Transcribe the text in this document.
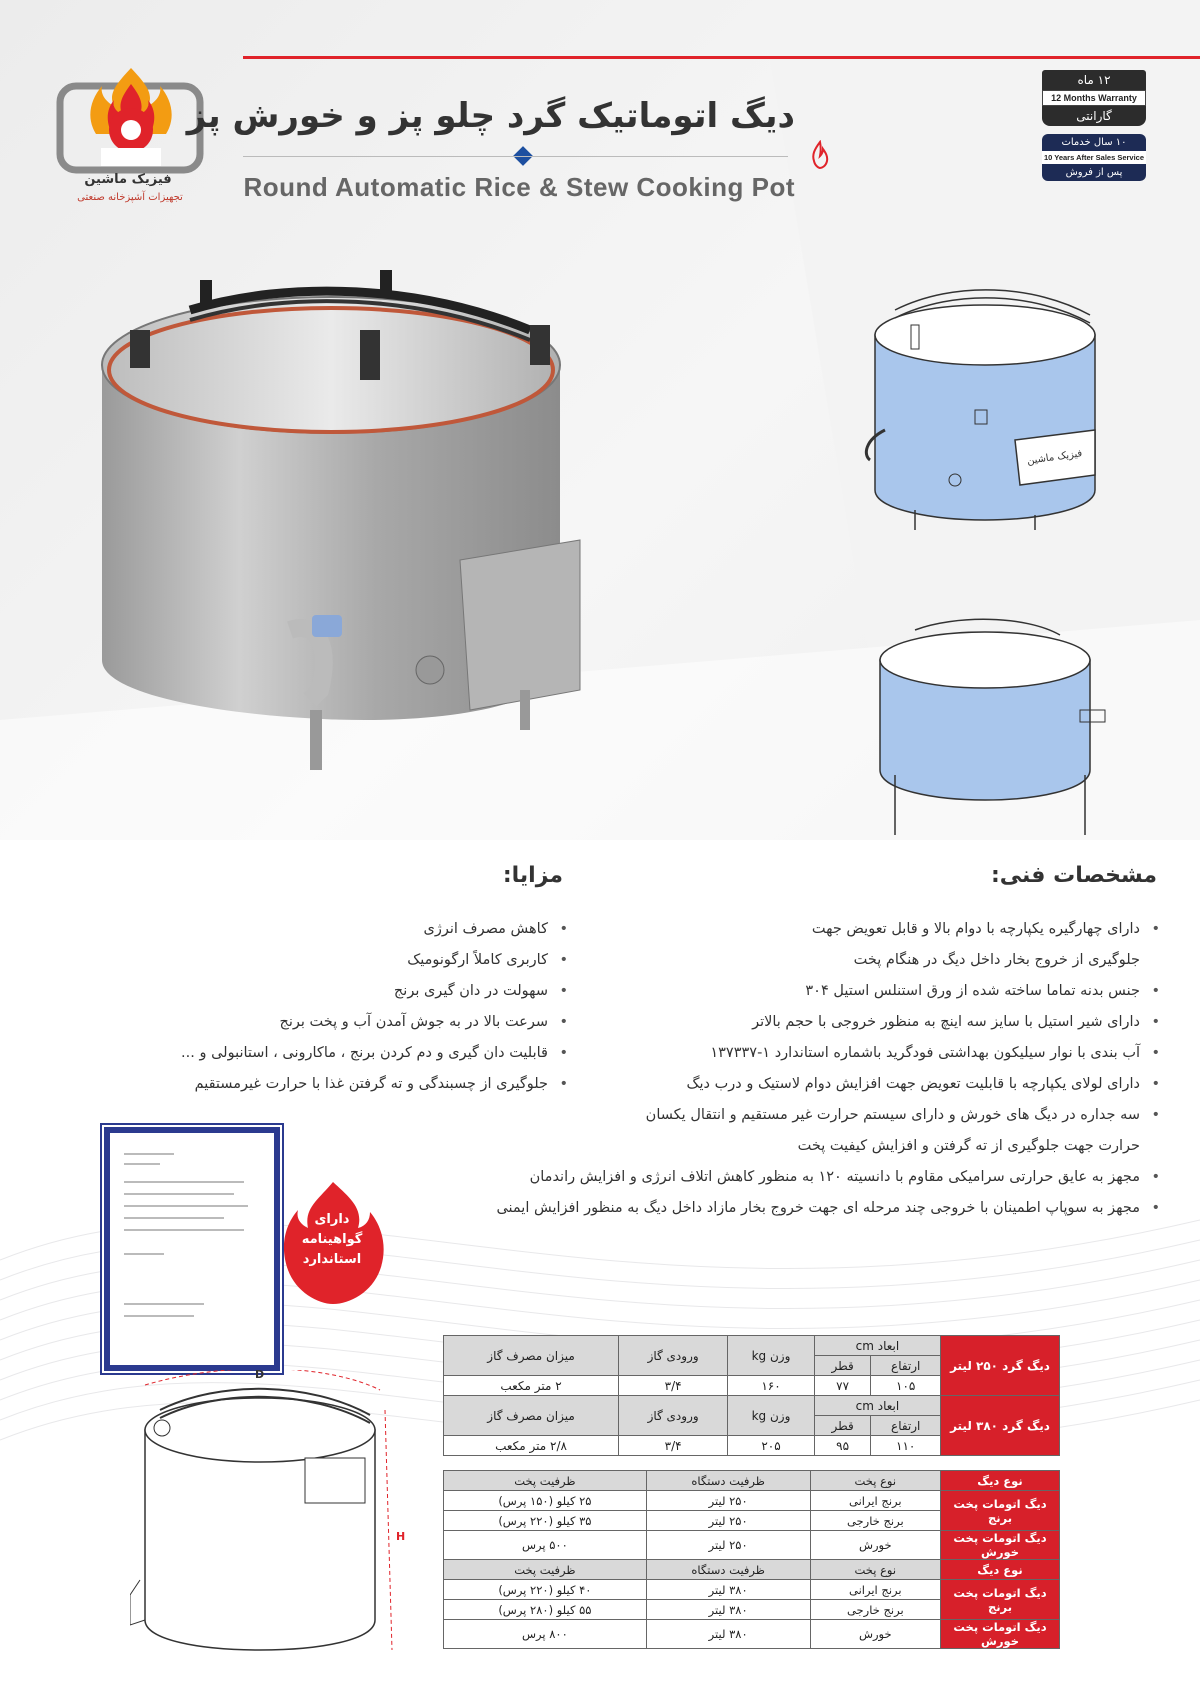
فیزیک ماشین
تجهیزات آشپزخانه صنعتی
دیگ اتوماتیک گرد چلو پز و خورش پز
Round Automatic Rice & Stew Cooking Pot
۱۲ ماه
12 Months Warranty
گارانتی
۱۰ سال خدمات
10 Years After Sales Service
پس از فروش
فیزیک ماشین
مشخصات فنی:
• دارای چهارگیره یکپارچه با دوام بالا و قابل تعویض جهت
جلوگیری از خروج بخار داخل دیگ در هنگام پخت
• جنس بدنه تماما ساخته شده از ورق استنلس استیل ۳۰۴
• دارای شیر استیل با سایز سه اینچ به منظور خروجی با حجم بالاتر
• آب بندی با نوار سیلیکون بهداشتی فودگرید باشماره استاندارد ۱-۱۳۷۳۳۷
• دارای لولای یکپارچه با قابلیت تعویض جهت افزایش دوام لاستیک و درب دیگ
• سه جداره در دیگ های خورش و دارای سیستم حرارت غیر مستقیم و انتقال یکسان
حرارت جهت جلوگیری از ته گرفتن و افزایش کیفیت پخت
• مجهز به عایق حرارتی سرامیکی مقاوم با دانسیته ۱۲۰ به منظور کاهش اتلاف انرژی و افزایش راندمان
• مجهز به سوپاپ اطمینان با خروجی چند مرحله ای جهت خروج بخار مازاد داخل دیگ به منظور افزایش ایمنی
مزایا:
• کاهش مصرف انرژی
• کاربری کاملاً ارگونومیک
• سهولت در دان گیری برنج
• سرعت بالا در به جوش آمدن آب و پخت برنج
• قابلیت دان گیری و دم کردن برنج ، ماکارونی ، استانبولی و ...
• جلوگیری از چسبندگی و ته گرفتن غذا با حرارت غیرمستقیم
دارای
گواهینامه
استاندارد
D
H
دیگ گرد ۲۵۰ لیتر	ابعاد cm		وزن kg	ورودی گاز	میزان مصرف گاز
	ارتفاع	قطر			
	۱۰۵	۷۷	۱۶۰	۳/۴	۲ متر مکعب
دیگ گرد ۳۸۰ لیتر	ابعاد cm		وزن kg	ورودی گاز	میزان مصرف گاز
	ارتفاع	قطر			
	۱۱۰	۹۵	۲۰۵	۳/۴	۲/۸ متر مکعب
نوع دیگ	نوع پخت	ظرفیت دستگاه	ظرفیت پخت
دیگ اتومات پخت برنج	برنج ایرانی	۲۵۰ لیتر	۲۵ کیلو (۱۵۰ پرس)
	برنج خارجی	۲۵۰ لیتر	۳۵ کیلو (۲۲۰ پرس)
دیگ اتومات پخت خورش	خورش	۲۵۰ لیتر	۵۰۰ پرس
نوع دیگ	نوع پخت	ظرفیت دستگاه	ظرفیت پخت
دیگ اتومات پخت برنج	برنج ایرانی	۳۸۰ لیتر	۴۰ کیلو (۲۲۰ پرس)
	برنج خارجی	۳۸۰ لیتر	۵۵ کیلو (۲۸۰ پرس)
دیگ اتومات پخت خورش	خورش	۳۸۰ لیتر	۸۰۰ پرس
